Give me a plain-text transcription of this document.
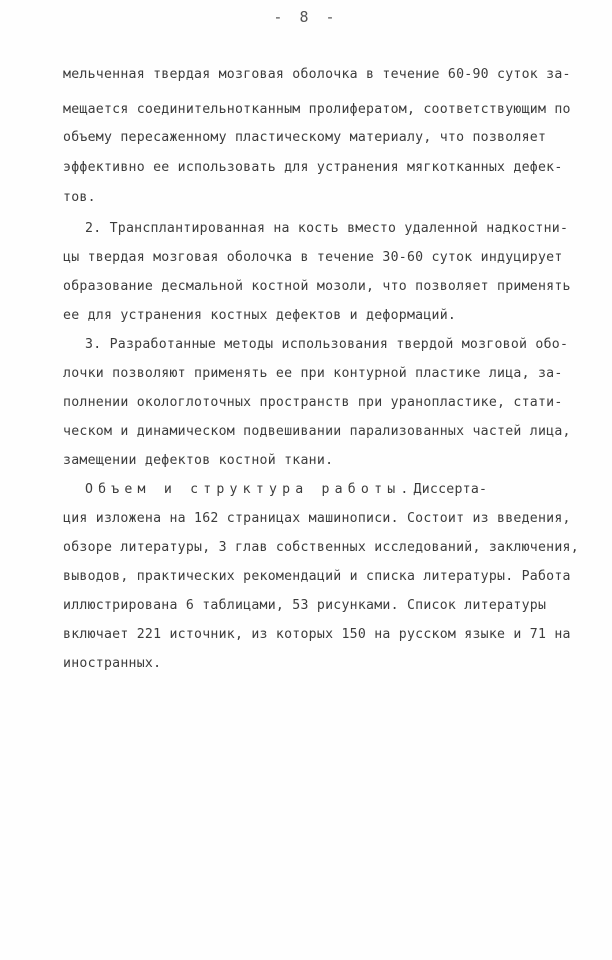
- 8 -
мельченная твердая мозговая оболочка в течение 60-90 суток за-
мещается соединительнотканным пролиферaтом, соответствующим по
объему пересаженному пластическому материалу, что позволяет
эффективно ее использовать для устранения мягкотканных дефек-
тов.
2. Трансплантированная на кость вместо удаленной надкостни-
цы твердая мозговая оболочка в течение 30-60 суток индуцирует
образование десмальной костной мозоли, что позволяет применять
ее для устранения костных дефектов и деформаций.
3. Разработанные методы использования твердой мозговой обо-
лочки позволяют применять ее при контурной пластике лица, за-
полнении окологлоточных пространств при уранопластике, стати-
ческом и динамическом подвешивании парализованных частей лица,
замещении дефектов костной ткани.
Объем и структура работы.Диссерта-
ция изложена на 162 страницах машинописи. Состоит из введения,
обзоре литературы, 3 глав собственных исследований, заключения,
выводов, практических рекомендаций и списка литературы. Работа
иллюстрирована 6 таблицами, 53 рисунками. Список литературы
включает 221 источник, из которых 150 на русском языке и 71 на
иностранных.
